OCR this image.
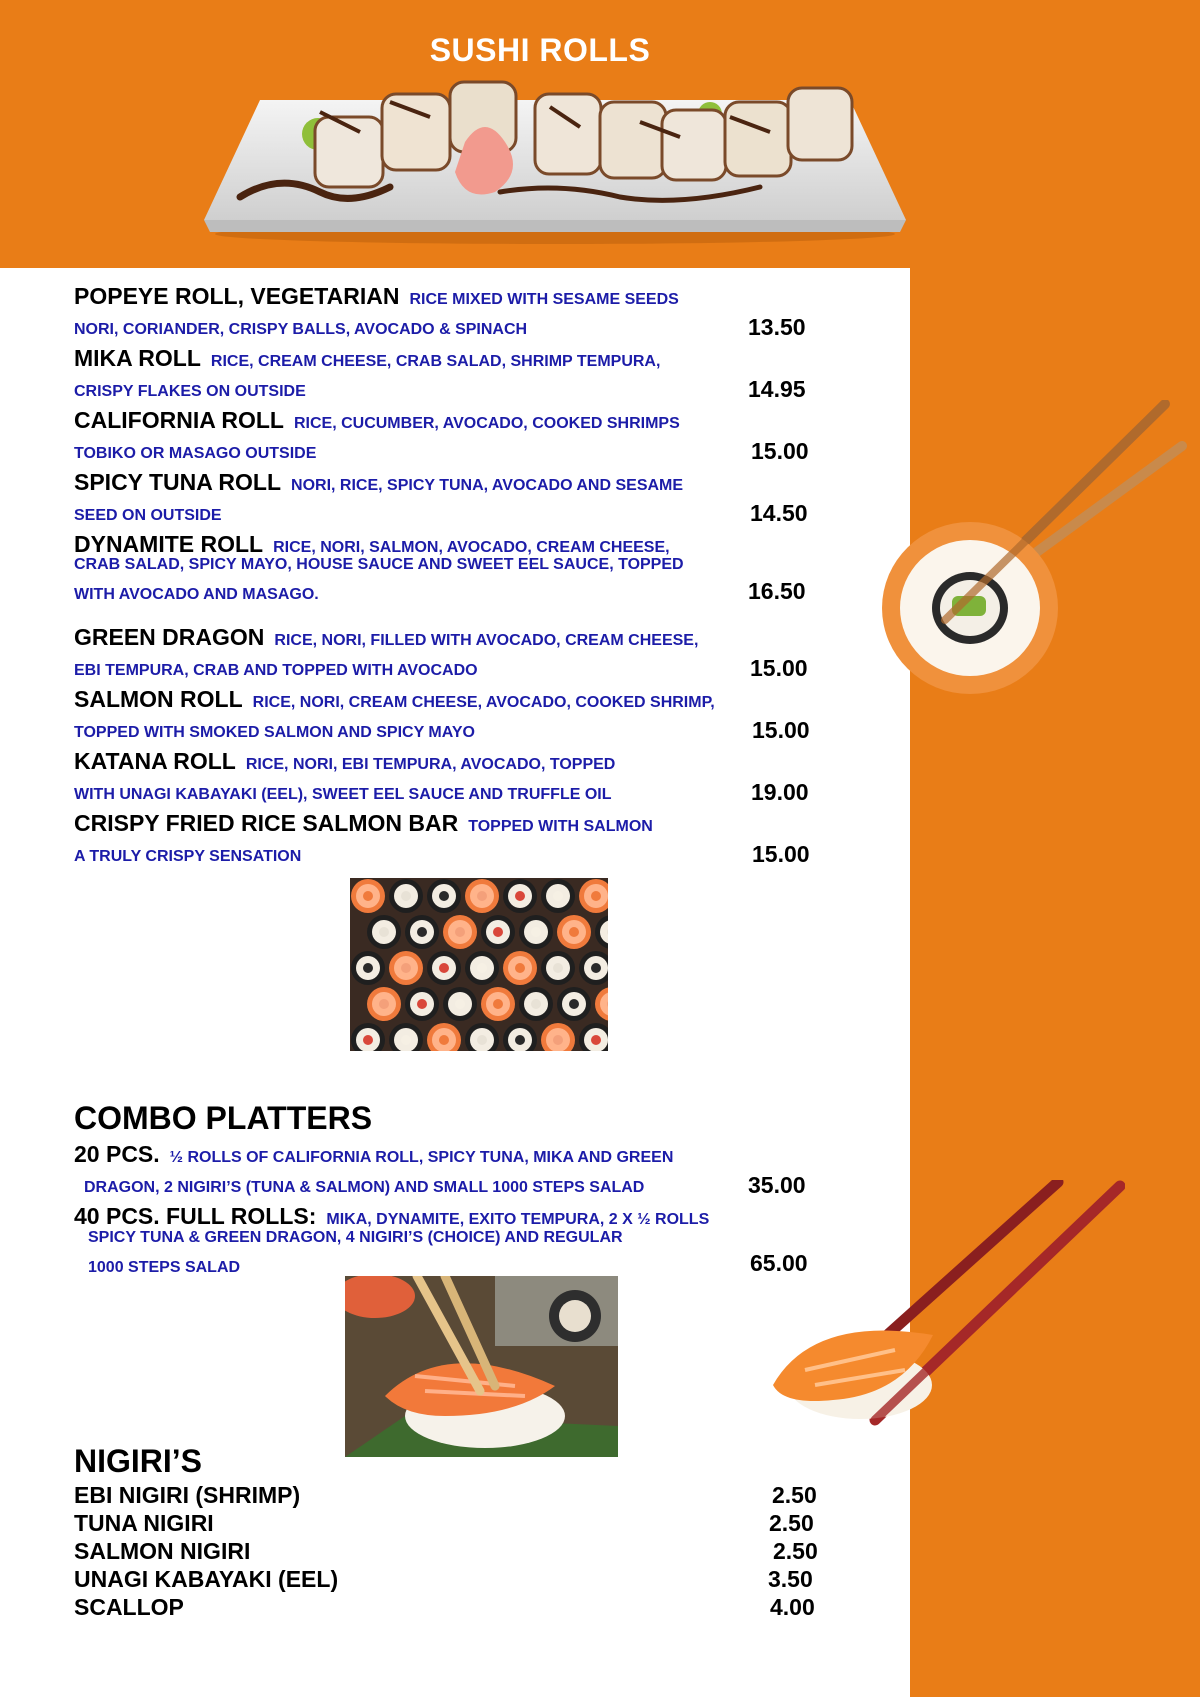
SUSHI ROLLS
POPEYE ROLL, VEGETARIAN RICE MIXED WITH SESAME SEEDS
NORI, CORIANDER, CRISPY BALLS, AVOCADO & SPINACH	13.50
MIKA ROLL RICE, CREAM CHEESE, CRAB SALAD, SHRIMP TEMPURA,
CRISPY FLAKES ON OUTSIDE	14.95
CALIFORNIA ROLL RICE, CUCUMBER, AVOCADO, COOKED SHRIMPS
TOBIKO OR MASAGO OUTSIDE	15.00
SPICY TUNA ROLL NORI, RICE, SPICY TUNA, AVOCADO AND SESAME
SEED ON OUTSIDE	14.50
DYNAMITE ROLL RICE, NORI, SALMON, AVOCADO, CREAM CHEESE,
CRAB SALAD, SPICY MAYO, HOUSE SAUCE AND SWEET EEL SAUCE, TOPPED
WITH AVOCADO AND MASAGO.	16.50
GREEN DRAGON RICE, NORI, FILLED WITH AVOCADO, CREAM CHEESE,
EBI TEMPURA, CRAB AND TOPPED WITH AVOCADO	15.00
SALMON ROLL RICE, NORI, CREAM CHEESE, AVOCADO, COOKED SHRIMP,
TOPPED WITH SMOKED SALMON AND SPICY MAYO	15.00
KATANA ROLL RICE, NORI, EBI TEMPURA, AVOCADO, TOPPED
WITH UNAGI KABAYAKI (EEL), SWEET EEL SAUCE AND TRUFFLE OIL	19.00
CRISPY FRIED RICE SALMON BAR TOPPED WITH SALMON
A TRULY CRISPY SENSATION	15.00
COMBO PLATTERS
20 PCS. ½ ROLLS OF CALIFORNIA ROLL, SPICY TUNA, MIKA AND GREEN
DRAGON, 2 NIGIRI’S (TUNA & SALMON) AND SMALL 1000 STEPS SALAD	35.00
40 PCS. FULL ROLLS: MIKA, DYNAMITE, EXITO TEMPURA, 2 X ½ ROLLS
SPICY TUNA & GREEN DRAGON, 4 NIGIRI’S (CHOICE) AND REGULAR
1000 STEPS SALAD	65.00
NIGIRI’S
EBI NIGIRI (SHRIMP)	2.50
TUNA NIGIRI	2.50
SALMON NIGIRI	2.50
UNAGI KABAYAKI (EEL)	3.50
SCALLOP	4.00
